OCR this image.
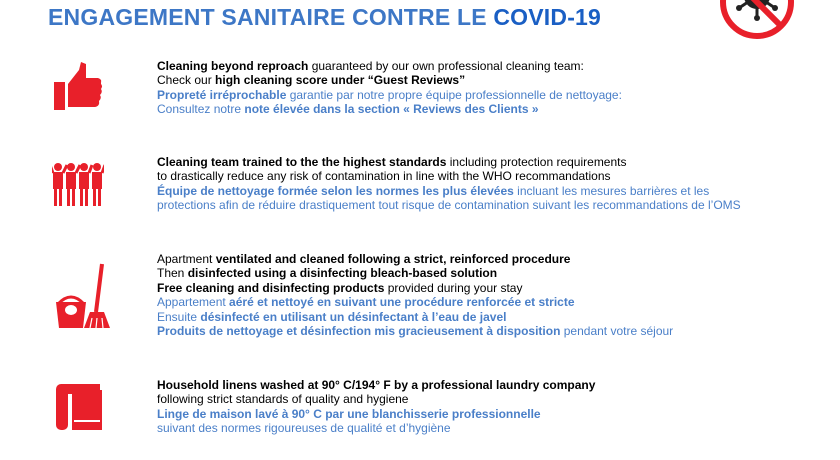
ENGAGEMENT SANITAIRE CONTRE LE COVID-19
Cleaning beyond reproach guaranteed by our own professional cleaning team:
Check our high cleaning score under “Guest Reviews”
Propreté irréprochable garantie par notre propre équipe professionnelle de nettoyage:
Consultez notre note élevée dans la section « Reviews des Clients »
Cleaning team trained to the the highest standards including protection requirements
to drastically reduce any risk of contamination in line with the WHO recommandations
Équipe de nettoyage formée selon les normes les plus élevées incluant les mesures barrières et les
protections afin de réduire drastiquement tout risque de contamination suivant les recommandations de l’OMS
Apartment ventilated and cleaned following a strict, reinforced procedure
Then disinfected using a disinfecting bleach-based solution
Free cleaning and disinfecting products provided during your stay
Appartement aéré et nettoyé en suivant une procédure renforcée et stricte
Ensuite désinfecté en utilisant un désinfectant à l’eau de javel
Produits de nettoyage et désinfection mis gracieusement à disposition pendant votre séjour
Household linens washed at 90° C/194° F by a professional laundry company
following strict standards of quality and hygiene
Linge de maison lavé à 90° C par une blanchisserie professionnelle
suivant des normes rigoureuses de qualité et d’hygiène
